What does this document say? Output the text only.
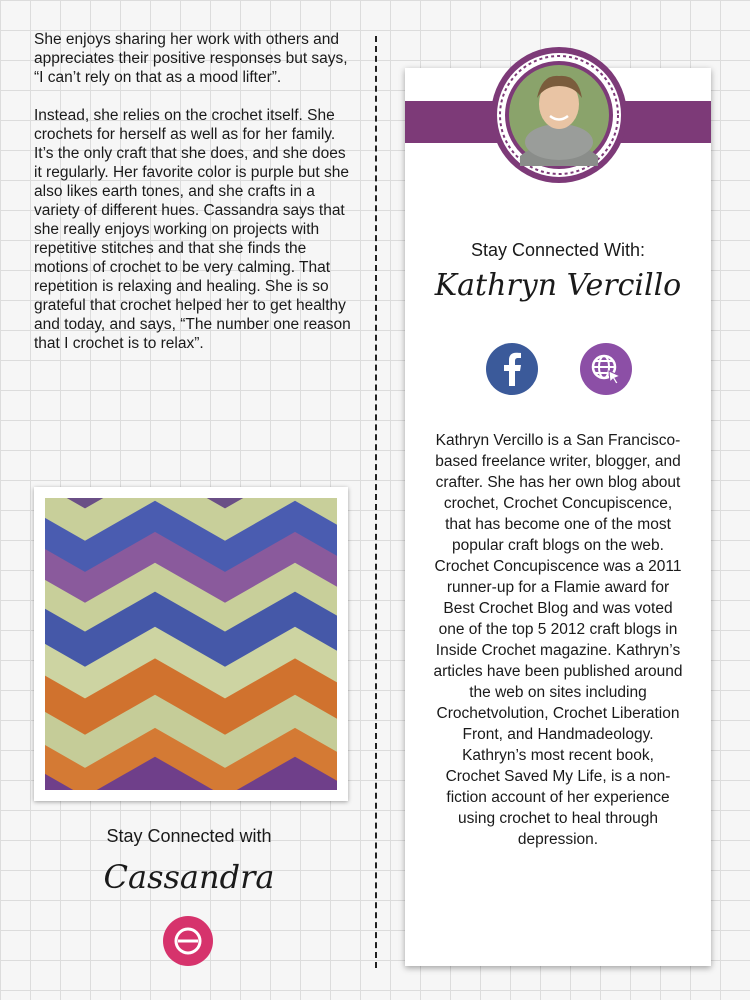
She enjoys sharing her work with others and appreciates their positive responses but says, “I can’t rely on that as a mood lifter”.

Instead, she relies on the crochet itself. She crochets for herself as well as for her family. It’s the only craft that she does, and she does it regularly. Her favorite color is purple but she also likes earth tones, and she crafts in a variety of different hues. Cassandra says that she really enjoys working on projects with repetitive stitches and that she finds the motions of crochet to be very calming. That repetition is relaxing and healing. She is so grateful that crochet helped her to get healthy and today, and says, “The number one reason that I crochet is to relax”.

Stay Connected with
Cassandra
Stay Connected With:
Kathryn Vercillo
Kathryn Vercillo is a San Francisco-based freelance writer, blogger, and crafter. She has her own blog about crochet, Crochet Concupiscence, that has become one of the most popular craft blogs on the web. Crochet Concupiscence was a 2011 runner-up for a Flamie award for Best Crochet Blog and was voted one of the top 5 2012 craft blogs in Inside Crochet magazine. Kathryn’s articles have been published around the web on sites including Crochetvolution, Crochet Liberation Front, and Handmadeology. Kathryn’s most recent book, Crochet Saved My Life, is a non-fiction account of her experience using crochet to heal through depression.
